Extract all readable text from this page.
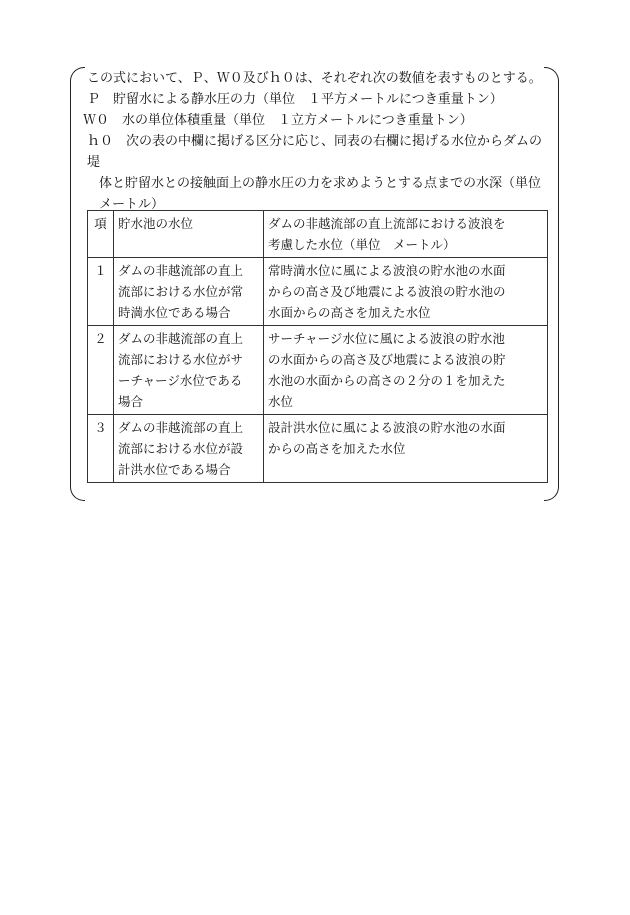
この式において、Ｐ、Ｗ０及びｈ０は、それぞれ次の数値を表すものとする。
Ｐ　 貯留水による静水圧の力（単位　１平方メートルにつき重量トン）
Ｗ０　 水の単位体積重量（単位　１立方メートルにつき重量トン）
ｈ０　 次の表の中欄に掲げる区分に応じ、同表の右欄に掲げる水位からダムの堤
体と貯留水との接触面上の静水圧の力を求めようとする点までの水深（単位
メートル）
項	貯水池の水位	ダムの非越流部の直上流部における波浪を
考慮した水位（単位　メートル）

１	ダムの非越流部の直上
流部における水位が常
時満水位である場合	常時満水位に風による波浪の貯水池の水面
からの高さ及び地震による波浪の貯水池の
水面からの高さを加えた水位

２	ダムの非越流部の直上
流部における水位がサ
ーチャージ水位である
場合	サーチャージ水位に風による波浪の貯水池
の水面からの高さ及び地震による波浪の貯
水池の水面からの高さの２分の１を加えた
水位

３	ダムの非越流部の直上
流部における水位が設
計洪水位である場合	設計洪水位に風による波浪の貯水池の水面
からの高さを加えた水位
